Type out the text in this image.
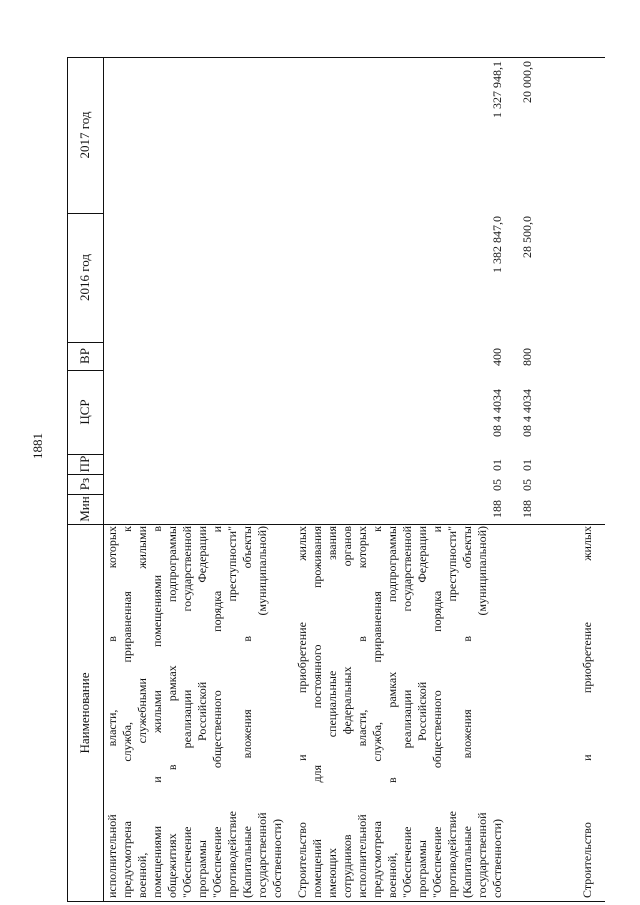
1881
Наименование
Мин
Рз
ПР
ЦСР
ВР
2016 год
2017 год
исполнительной власти, в которых предусмотрена служба, приравненная к военной, служебными жилыми помещениями и жилыми помещениями в общежитиях в рамках подпрограммы "Обеспечение реализации государственной программы Российской Федерации "Обеспечение общественного порядка и противодействие преступности" (Капитальные вложения в объекты государственной (муниципальной) собственности) Строительство и приобретение жилых помещений для постоянного проживания имеющих специальные звания сотрудников федеральных органов исполнительной власти, в которых предусмотрена служба, приравненная к военной, в рамках подпрограммы "Обеспечение реализации государственной программы Российской Федерации "Обеспечение общественного порядка и противодействие преступности" (Капитальные вложения в объекты государственной (муниципальной) собственности)
188
05
01
08 4 4034
400
1 382 847,0
1 327 948,1
188
05
01
08 4 4034
800
28 500,0
20 000,0
Строительство и приобретение жилых
